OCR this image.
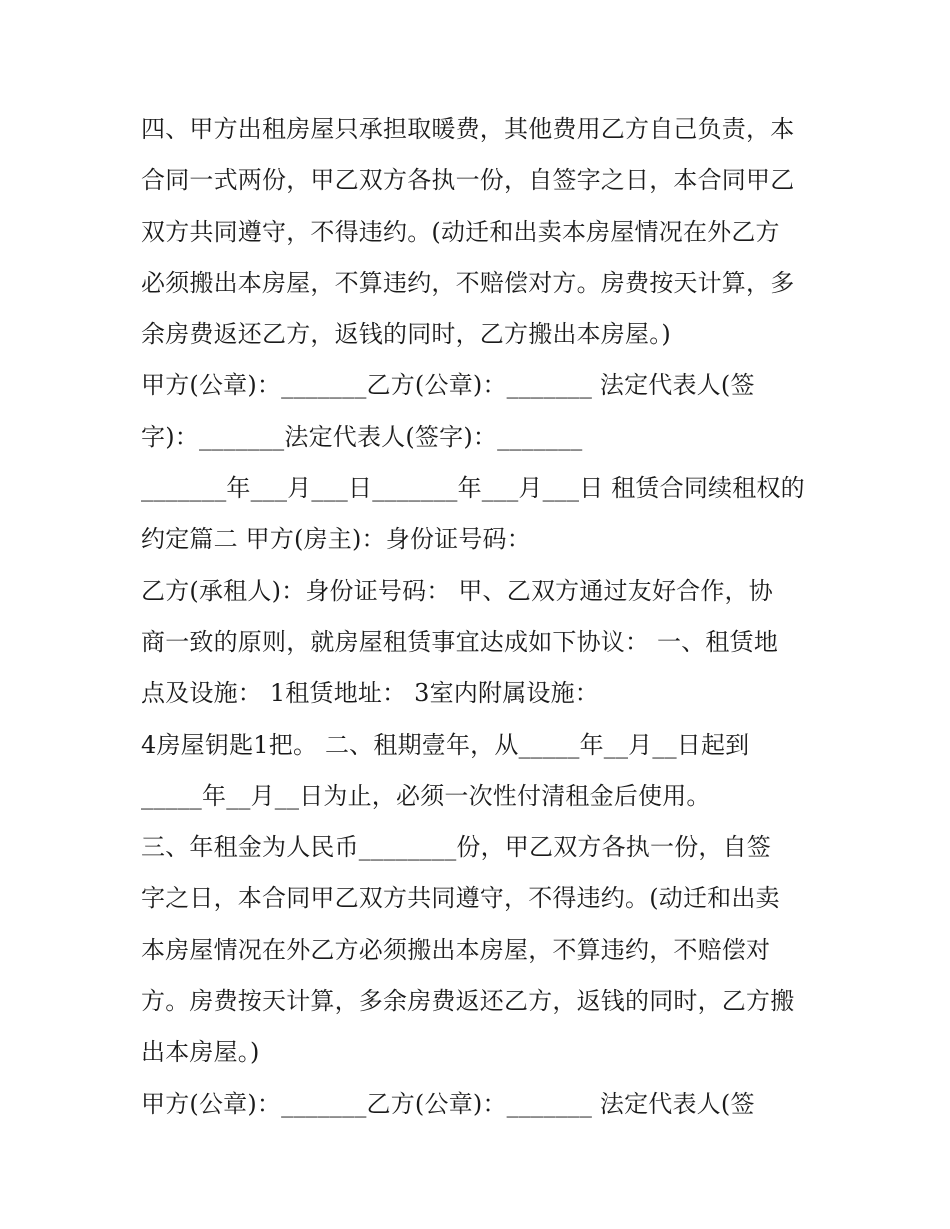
四、甲方出租房屋只承担取暖费，其他费用乙方自己负责，本
合同一式两份，甲乙双方各执一份，自签字之日，本合同甲乙
双方共同遵守，不得违约。(动迁和出卖本房屋情况在外乙方
必须搬出本房屋，不算违约，不赔偿对方。房费按天计算，多
余房费返还乙方，返钱的同时，乙方搬出本房屋。)
甲方(公章)：_______乙方(公章)：_______ 法定代表人(签
字)：_______法定代表人(签字)：_______
_______年___月___日_______年___月___日 租赁合同续租权的
约定篇二 甲方(房主)：身份证号码：
乙方(承租人)：身份证号码： 甲、乙双方通过友好合作，协
商一致的原则，就房屋租赁事宜达成如下协议： 一、租赁地
点及设施： 1租赁地址： 3室内附属设施：
4房屋钥匙1把。 二、租期壹年，从_____年__月__日起到
_____年__月__日为止，必须一次性付清租金后使用。
三、年租金为人民币________份，甲乙双方各执一份，自签
字之日，本合同甲乙双方共同遵守，不得违约。(动迁和出卖
本房屋情况在外乙方必须搬出本房屋，不算违约，不赔偿对
方。房费按天计算，多余房费返还乙方，返钱的同时，乙方搬
出本房屋。)
甲方(公章)：_______乙方(公章)：_______ 法定代表人(签
